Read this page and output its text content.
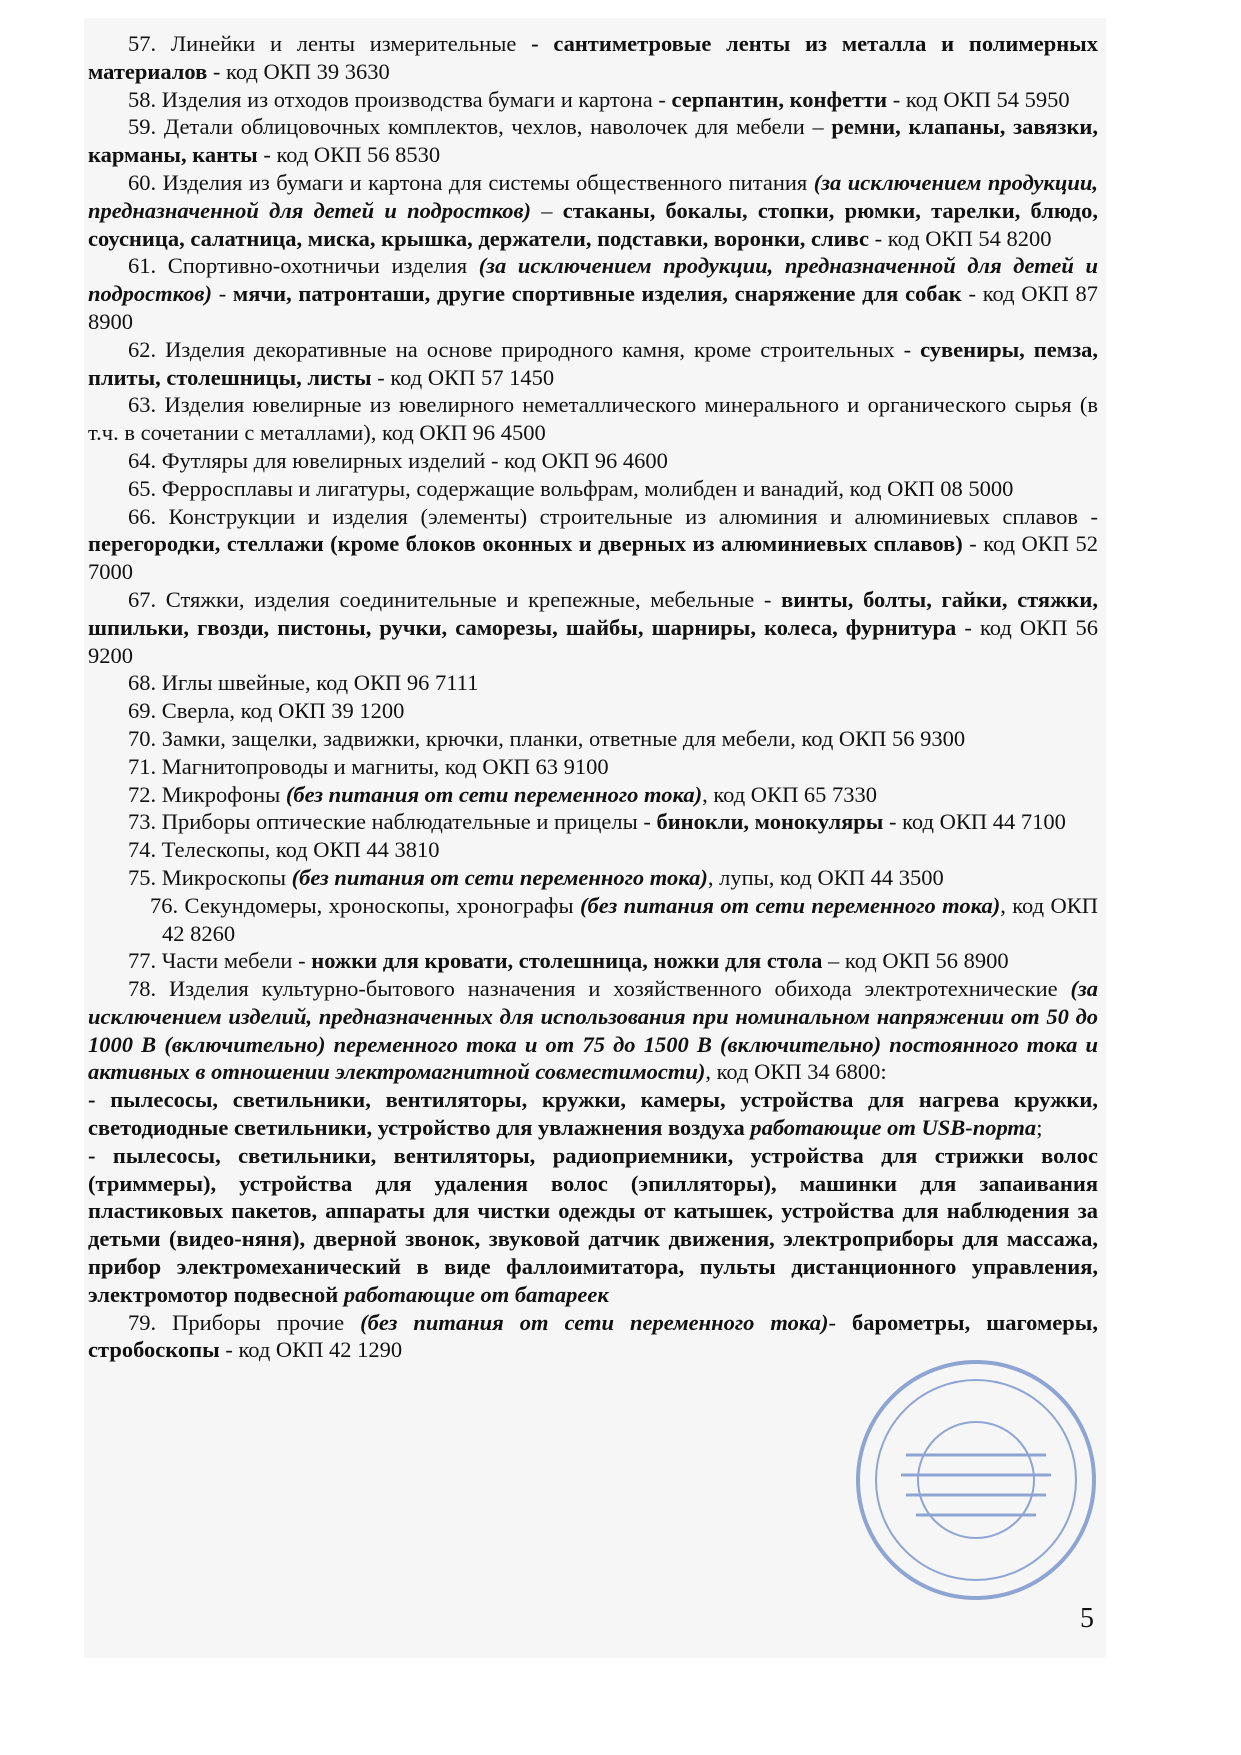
57. Линейки и ленты измерительные - сантиметровые ленты из металла и полимерных материалов - код ОКП 39 3630

58. Изделия из отходов производства бумаги и картона - серпантин, конфетти - код ОКП 54 5950

59. Детали облицовочных комплектов, чехлов, наволочек для мебели – ремни, клапаны, завязки, карманы, канты - код ОКП 56 8530

60. Изделия из бумаги и картона для системы общественного питания (за исключением продукции, предназначенной для детей и подростков) – стаканы, бокалы, стопки, рюмки, тарелки, блюдо, соусница, салатница, миска, крышка, держатели, подставки, воронки, сливс - код ОКП 54 8200

61. Спортивно-охотничьи изделия (за исключением продукции, предназначенной для детей и подростков) - мячи, патронташи, другие спортивные изделия, снаряжение для собак - код ОКП 87 8900

62. Изделия декоративные на основе природного камня, кроме строительных - сувениры, пемза, плиты, столешницы, листы - код ОКП 57 1450

63. Изделия ювелирные из ювелирного неметаллического минерального и органического сырья (в т.ч. в сочетании с металлами), код ОКП 96 4500

64. Футляры для ювелирных изделий - код ОКП 96 4600

65. Ферросплавы и лигатуры, содержащие вольфрам, молибден и ванадий, код ОКП 08 5000

66. Конструкции и изделия (элементы) строительные из алюминия и алюминиевых сплавов - перегородки, стеллажи (кроме блоков оконных и дверных из алюминиевых сплавов) - код ОКП 52 7000

67. Стяжки, изделия соединительные и крепежные, мебельные - винты, болты, гайки, стяжки, шпильки, гвозди, пистоны, ручки, саморезы, шайбы, шарниры, колеса, фурнитура - код ОКП 56 9200

68. Иглы швейные, код ОКП 96 7111

69. Сверла, код ОКП 39 1200

70. Замки, защелки, задвижки, крючки, планки, ответные для мебели, код ОКП 56 9300

71. Магнитопроводы и магниты, код ОКП 63 9100

72. Микрофоны (без питания от сети переменного тока), код ОКП 65 7330

73. Приборы оптические наблюдательные и прицелы - бинокли, монокуляры - код ОКП 44 7100

74. Телескопы, код ОКП 44 3810

75. Микроскопы (без питания от сети переменного тока), лупы, код ОКП 44 3500

76. Секундомеры, хроноскопы, хронографы (без питания от сети переменного тока), код ОКП 42 8260

77. Части мебели - ножки для кровати, столешница, ножки для стола – код ОКП 56 8900

78. Изделия культурно-бытового назначения и хозяйственного обихода электротехнические (за исключением изделий, предназначенных для использования при номинальном напряжении от 50 до 1000 В (включительно) переменного тока и от 75 до 1500 В (включительно) постоянного тока и активных в отношении электромагнитной совместимости), код ОКП 34 6800:

- пылесосы, светильники, вентиляторы, кружки, камеры, устройства для нагрева кружки, светодиодные светильники, устройство для увлажнения воздуха работающие от USB-порта;

- пылесосы, светильники, вентиляторы, радиоприемники, устройства для стрижки волос (триммеры), устройства для удаления волос (эпилляторы), машинки для запаивания пластиковых пакетов, аппараты для чистки одежды от катышек, устройства для наблюдения за детьми (видео-няня), дверной звонок, звуковой датчик движения, электроприборы для массажа, прибор электромеханический в виде фаллоимитатора, пульты дистанционного управления, электромотор подвесной работающие от батареек

79. Приборы прочие (без питания от сети переменного тока)- барометры, шагомеры, стробоскопы - код ОКП 42 1290

5
